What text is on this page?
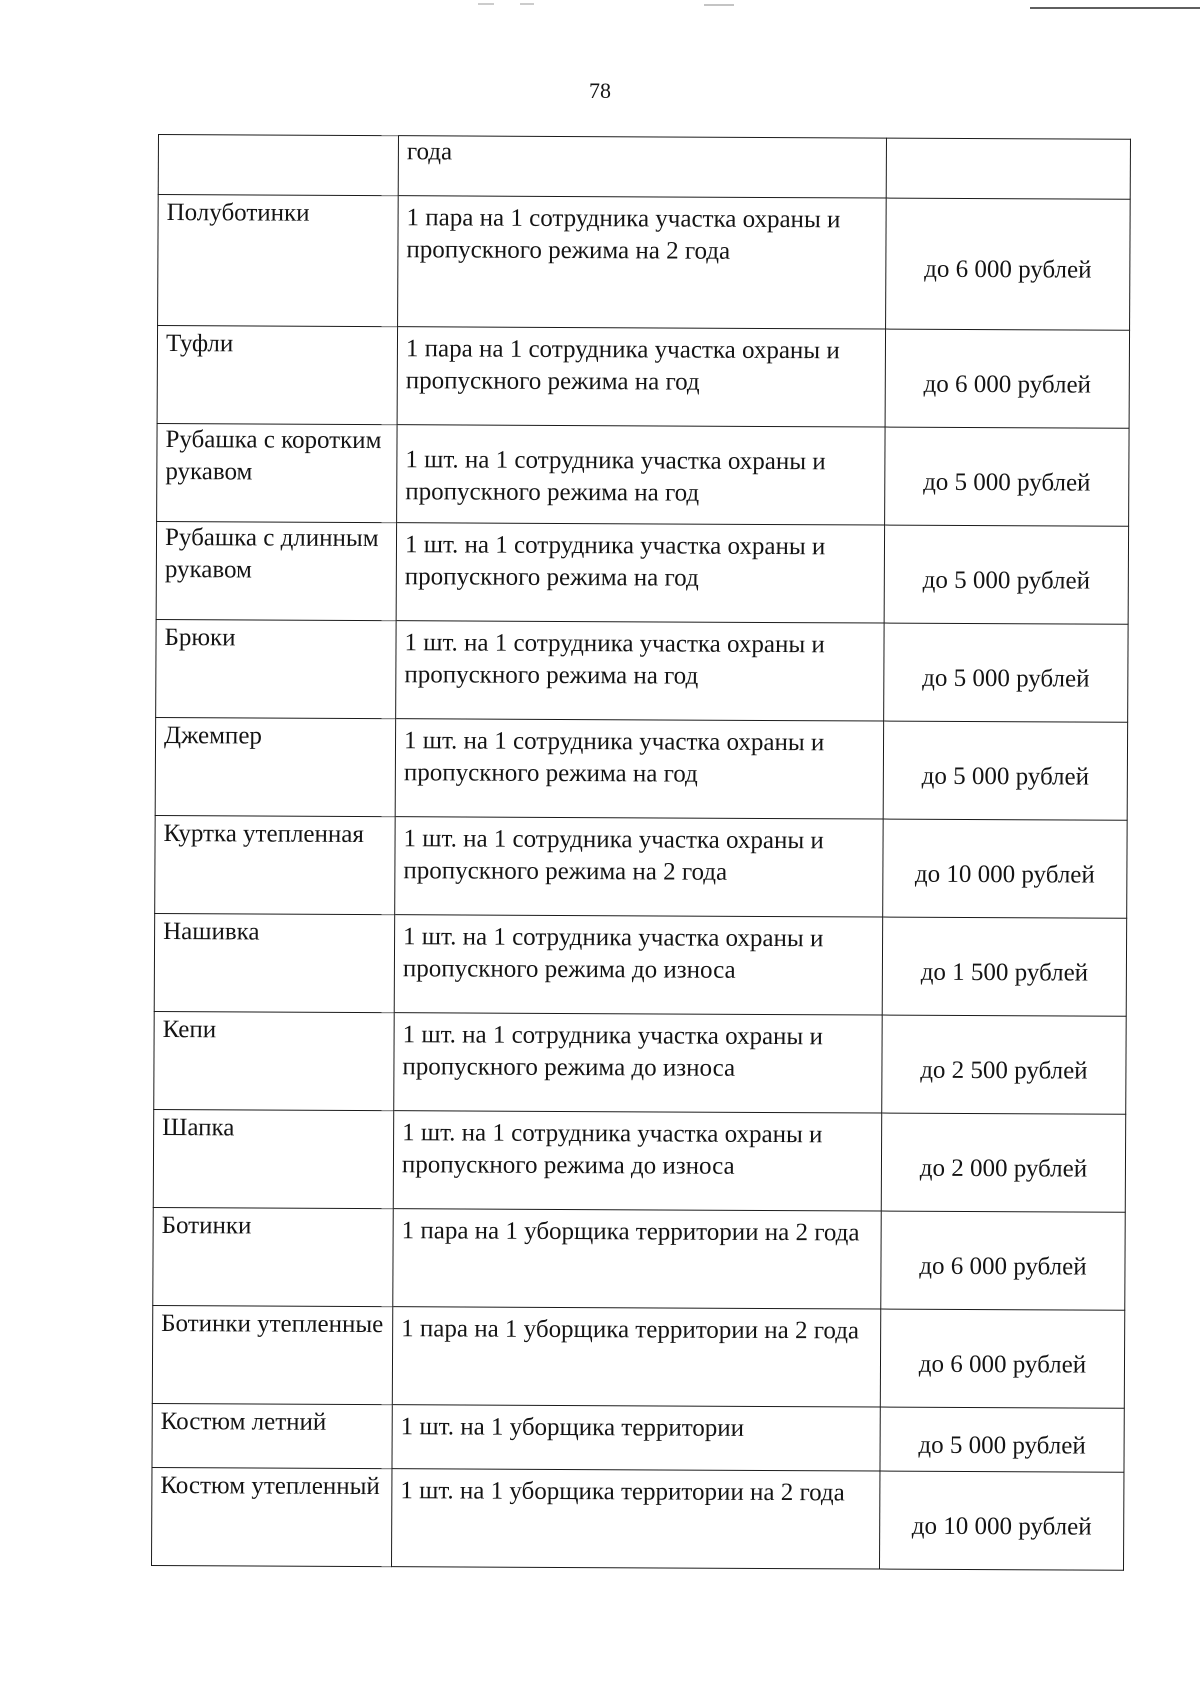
78
	года	
Полуботинки	1 пара на 1 сотрудника участка охраны и пропускного режима на 2 года	до 6 000 рублей
Туфли	1 пара на 1 сотрудника участка охраны и пропускного режима на год	до 6 000 рублей
Рубашка с коротким рукавом	1 шт. на 1 сотрудника участка охраны и пропускного режима на год	до 5 000 рублей
Рубашка с длинным рукавом	1 шт. на 1 сотрудника участка охраны и пропускного режима на год	до 5 000 рублей
Брюки	1 шт. на 1 сотрудника участка охраны и пропускного режима на год	до 5 000 рублей
Джемпер	1 шт. на 1 сотрудника участка охраны и пропускного режима на год	до 5 000 рублей
Куртка утепленная	1 шт. на 1 сотрудника участка охраны и пропускного режима на 2 года	до 10 000 рублей
Нашивка	1 шт. на 1 сотрудника участка охраны и пропускного режима до износа	до 1 500 рублей
Кепи	1 шт. на 1 сотрудника участка охраны и пропускного режима до износа	до 2 500 рублей
Шапка	1 шт. на 1 сотрудника участка охраны и пропускного режима до износа	до 2 000 рублей
Ботинки	1 пара на 1 уборщика территории на 2 года	до 6 000 рублей
Ботинки утепленные	1 пара на 1 уборщика территории на 2 года	до 6 000 рублей
Костюм летний	1 шт. на 1 уборщика территории	до 5 000 рублей
Костюм утепленный	1 шт. на 1 уборщика территории на 2 года	до 10 000 рублей
